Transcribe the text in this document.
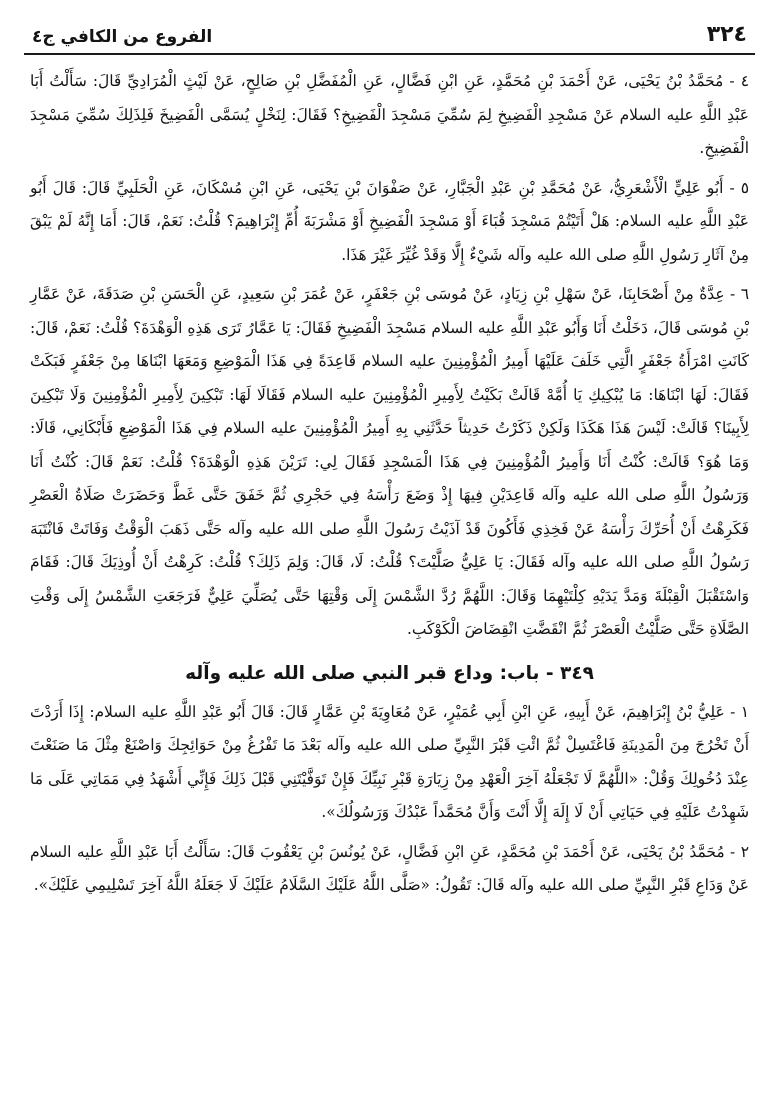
٣٢٤
الفروع من الكافي ج٤

٤ - مُحَمَّدُ بْنُ يَحْيَى، عَنْ أَحْمَدَ بْنِ مُحَمَّدٍ، عَنِ ابْنِ فَضَّالٍ، عَنِ الْمُفَضَّلِ بْنِ صَالِحٍ، عَنْ لَيْثٍ الْمُرَادِيِّ قَالَ: سَأَلْتُ أَبَا عَبْدِ اللَّهِ عليه السلام عَنْ مَسْجِدِ الْفَضِيخِ لِمَ سُمِّيَ مَسْجِدَ الْفَضِيخِ؟ فَقَالَ: لِنَخْلٍ يُسَمَّى الْفَضِيخَ فَلِذَلِكَ سُمِّيَ مَسْجِدَ الْفَضِيخِ.

٥ - أَبُو عَلِيٍّ الْأَشْعَرِيُّ، عَنْ مُحَمَّدِ بْنِ عَبْدِ الْجَبَّارِ، عَنْ صَفْوَانَ بْنِ يَحْيَى، عَنِ ابْنِ مُسْكَانَ، عَنِ الْحَلَبِيِّ قَالَ: قَالَ أَبُو عَبْدِ اللَّهِ عليه السلام: هَلْ أَتَيْتُمْ مَسْجِدَ قُبَاءَ أَوْ مَسْجِدَ الْفَضِيخِ أَوْ مَشْرَبَةَ أُمِّ إِبْرَاهِيمَ؟ قُلْتُ: نَعَمْ، قَالَ: أَمَا إِنَّهُ لَمْ يَبْقَ مِنْ آثَارِ رَسُولِ اللَّهِ صلى الله عليه وآله شَيْءٌ إِلَّا وَقَدْ غُيِّرَ غَيْرَ هَذَا.

٦ - عِدَّةٌ مِنْ أَصْحَابِنَا، عَنْ سَهْلِ بْنِ زِيَادٍ، عَنْ مُوسَى بْنِ جَعْفَرٍ، عَنْ عُمَرَ بْنِ سَعِيدٍ، عَنِ الْحَسَنِ بْنِ صَدَقَةَ، عَنْ عَمَّارِ بْنِ مُوسَى قَالَ، دَخَلْتُ أَنَا وَأَبُو عَبْدِ اللَّهِ عليه السلام مَسْجِدَ الْفَضِيخِ فَقَالَ: يَا عَمَّارُ تَرَى هَذِهِ الْوَهْدَةَ؟ قُلْتُ: نَعَمْ، قَالَ: كَانَتِ امْرَأَةُ جَعْفَرٍ الَّتِي خَلَفَ عَلَيْهَا أَمِيرُ الْمُؤْمِنِينَ عليه السلام قَاعِدَةً فِي هَذَا الْمَوْضِعِ وَمَعَهَا ابْنَاهَا مِنْ جَعْفَرٍ فَبَكَتْ فَقَالَ: لَهَا ابْنَاهَا: مَا يُبْكِيكِ يَا أُمَّهْ قَالَتْ بَكَيْتُ لِأَمِيرِ الْمُؤْمِنِينَ عليه السلام فَقَالَا لَهَا: تَبْكِينَ لِأَمِيرِ الْمُؤْمِنِينَ وَلَا تَبْكِينَ لِأَبِينَا؟ قَالَتْ: لَيْسَ هَذَا هَكَذَا وَلَكِنْ ذَكَرْتُ حَدِيثاً حَدَّثَنِي بِهِ أَمِيرُ الْمُؤْمِنِينَ عليه السلام فِي هَذَا الْمَوْضِعِ فَأَبْكَانِي، قَالَا: وَمَا هُوَ؟ قَالَتْ: كُنْتُ أَنَا وَأَمِيرُ الْمُؤْمِنِينَ فِي هَذَا الْمَسْجِدِ فَقَالَ لِي: تَرَيْنَ هَذِهِ الْوَهْدَةَ؟ قُلْتُ: نَعَمْ قَالَ: كُنْتُ أَنَا وَرَسُولُ اللَّهِ صلى الله عليه وآله قَاعِدَيْنِ فِيهَا إِذْ وَضَعَ رَأْسَهُ فِي حَجْرِي ثُمَّ خَفَقَ حَتَّى غَطَّ وَحَضَرَتْ صَلَاةُ الْعَصْرِ فَكَرِهْتُ أَنْ أُحَرِّكَ رَأْسَهُ عَنْ فَخِذِي فَأَكُونَ قَدْ آذَيْتُ رَسُولَ اللَّهِ صلى الله عليه وآله حَتَّى ذَهَبَ الْوَقْتُ وَفَاتَتْ فَانْتَبَهَ رَسُولُ اللَّهِ صلى الله عليه وآله فَقَالَ: يَا عَلِيُّ صَلَّيْتَ؟ قُلْتُ: لَا، قَالَ: وَلِمَ ذَلِكَ؟ قُلْتُ: كَرِهْتُ أَنْ أُوذِيَكَ قَالَ: فَقَامَ وَاسْتَقْبَلَ الْقِبْلَةَ وَمَدَّ يَدَيْهِ كِلْتَيْهِمَا وَقَالَ: اللَّهُمَّ رُدَّ الشَّمْسَ إِلَى وَقْتِهَا حَتَّى يُصَلِّيَ عَلِيٌّ فَرَجَعَتِ الشَّمْسُ إِلَى وَقْتِ الصَّلَاةِ حَتَّى صَلَّيْتُ الْعَصْرَ ثُمَّ انْقَضَّتِ انْقِضَاضَ الْكَوْكَبِ.

٣٤٩ - باب: وداع قبر النبي صلى الله عليه وآله

١ - عَلِيُّ بْنُ إِبْرَاهِيمَ، عَنْ أَبِيهِ، عَنِ ابْنِ أَبِي عُمَيْرٍ، عَنْ مُعَاوِيَةَ بْنِ عَمَّارٍ قَالَ: قَالَ أَبُو عَبْدِ اللَّهِ عليه السلام: إِذَا أَرَدْتَ أَنْ تَخْرُجَ مِنَ الْمَدِينَةِ فَاغْتَسِلْ ثُمَّ ائْتِ قَبْرَ النَّبِيِّ صلى الله عليه وآله بَعْدَ مَا تَفْرُغُ مِنْ حَوَائِجِكَ وَاصْنَعْ مِثْلَ مَا صَنَعْتَ عِنْدَ دُخُولِكَ وَقُلْ: «اللَّهُمَّ لَا تَجْعَلْهُ آخِرَ الْعَهْدِ مِنْ زِيَارَةِ قَبْرِ نَبِيِّكَ فَإِنْ تَوَفَّيْتَنِي قَبْلَ ذَلِكَ فَإِنِّي أَشْهَدُ فِي مَمَاتِي عَلَى مَا شَهِدْتُ عَلَيْهِ فِي حَيَاتِي أَنْ لَا إِلَهَ إِلَّا أَنْتَ وَأَنَّ مُحَمَّداً عَبْدُكَ وَرَسُولُكَ».

٢ - مُحَمَّدُ بْنُ يَحْيَى، عَنْ أَحْمَدَ بْنِ مُحَمَّدٍ، عَنِ ابْنِ فَضَّالٍ، عَنْ يُونُسَ بْنِ يَعْقُوبَ قَالَ: سَأَلْتُ أَبَا عَبْدِ اللَّهِ عليه السلام عَنْ وَدَاعِ قَبْرِ النَّبِيِّ صلى الله عليه وآله قَالَ: تَقُولُ: «صَلَّى اللَّهُ عَلَيْكَ السَّلَامُ عَلَيْكَ لَا جَعَلَهُ اللَّهُ آخِرَ تَسْلِيمِي عَلَيْكَ».
